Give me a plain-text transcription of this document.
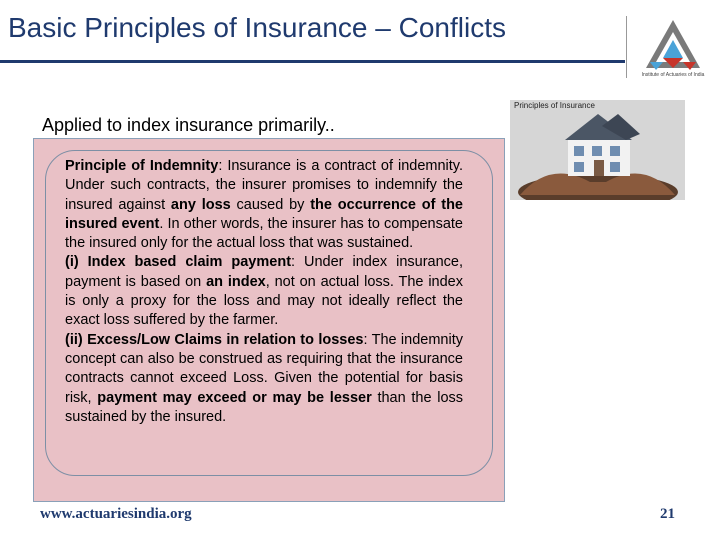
Basic Principles of Insurance – Conflicts
Institute of Actuaries of India
Applied to index insurance primarily..
Principles of Insurance

Principle of Indemnity: Insurance is a contract of indemnity. Under such contracts, the insurer promises to indemnify the insured against any loss caused by the occurrence of the insured event. In other words, the insurer has to compensate the insured only for the actual loss that was sustained.

(i) Index based claim payment: Under index insurance, payment is based on an index, not on actual loss. The index is only a proxy for the loss and may not ideally reflect the exact loss suffered by the farmer.

(ii) Excess/Low Claims in relation to losses: The indemnity concept can also be construed as requiring that the insurance contracts cannot exceed Loss. Given the potential for basis risk, payment may exceed or may be lesser than the loss sustained by the insured.

www.actuariesindia.org	21
